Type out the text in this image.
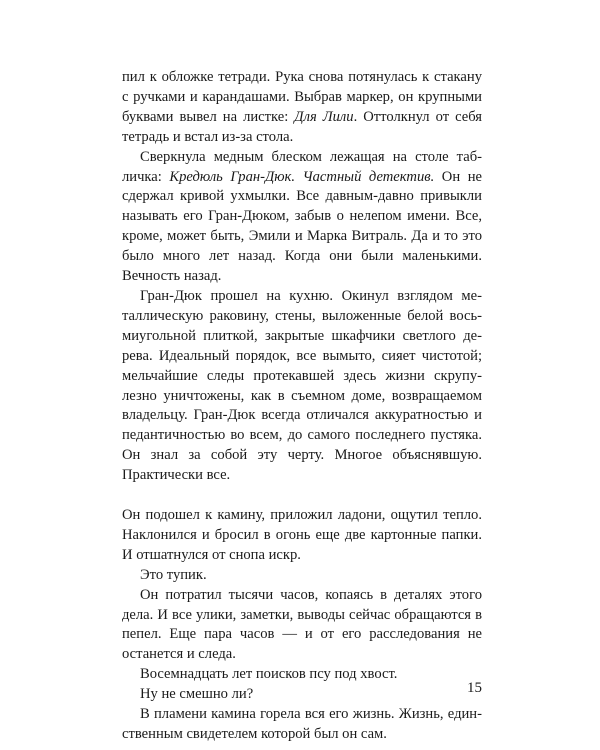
пил к обложке тетради. Рука снова потянулась к стакану с ручками и карандашами. Выбрав маркер, он крупными буквами вывел на листке: Для Лили. Оттолкнул от себя тетрадь и встал из-за стола.

Сверкнула медным блеском лежащая на столе табличка: Кредюль Гран-Дюк. Частный детектив. Он не сдержал кривой ухмылки. Все давным-давно привыкли называть его Гран-Дюком, забыв о нелепом имени. Все, кроме, может быть, Эмили и Марка Витраль. Да и то это было много лет назад. Когда они были маленькими. Вечность назад.

Гран-Дюк прошел на кухню. Окинул взглядом металлическую раковину, стены, выложенные белой восьмиугольной плиткой, закрытые шкафчики светлого дерева. Идеальный порядок, все вымыто, сияет чистотой; мельчайшие следы протекавшей здесь жизни скрупулезно уничтожены, как в съемном доме, возвращаемом владельцу. Гран-Дюк всегда отличался аккуратностью и педантичностью во всем, до самого последнего пустяка. Он знал за собой эту черту. Многое объяснявшую. Практически все.

Он подошел к камину, приложил ладони, ощутил тепло. Наклонился и бросил в огонь еще две картонные папки. И отшатнулся от снопа искр.

Это тупик.

Он потратил тысячи часов, копаясь в деталях этого дела. И все улики, заметки, выводы сейчас обращаются в пепел. Еще пара часов — и от его расследования не останется и следа.

Восемнадцать лет поисков псу под хвост.

Ну не смешно ли?

В пламени камина горела вся его жизнь. Жизнь, единственным свидетелем которой был он сам.

15
